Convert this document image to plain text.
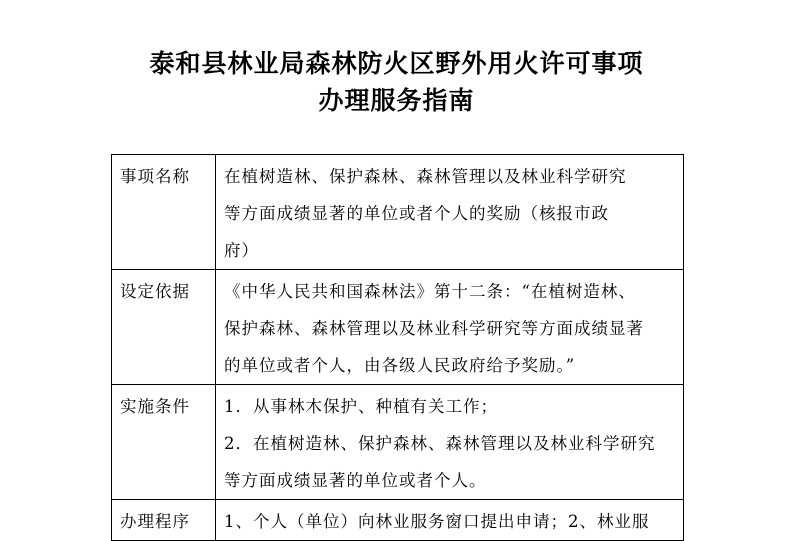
泰和县林业局森林防火区野外用火许可事项
办理服务指南
事项名称	在植树造林、保护森林、森林管理以及林业科学研究
等方面成绩显著的单位或者个人的奖励（核报市政
府）

设定依据	《中华人民共和国森林法》第十二条：“在植树造林、
保护森林、森林管理以及林业科学研究等方面成绩显著
的单位或者个人，由各级人民政府给予奖励。”

实施条件	1．从事林木保护、种植有关工作；
2．在植树造林、保护森林、森林管理以及林业科学研究
等方面成绩显著的单位或者个人。

办理程序	1、个人（单位）向林业服务窗口提出申请；2、林业服
